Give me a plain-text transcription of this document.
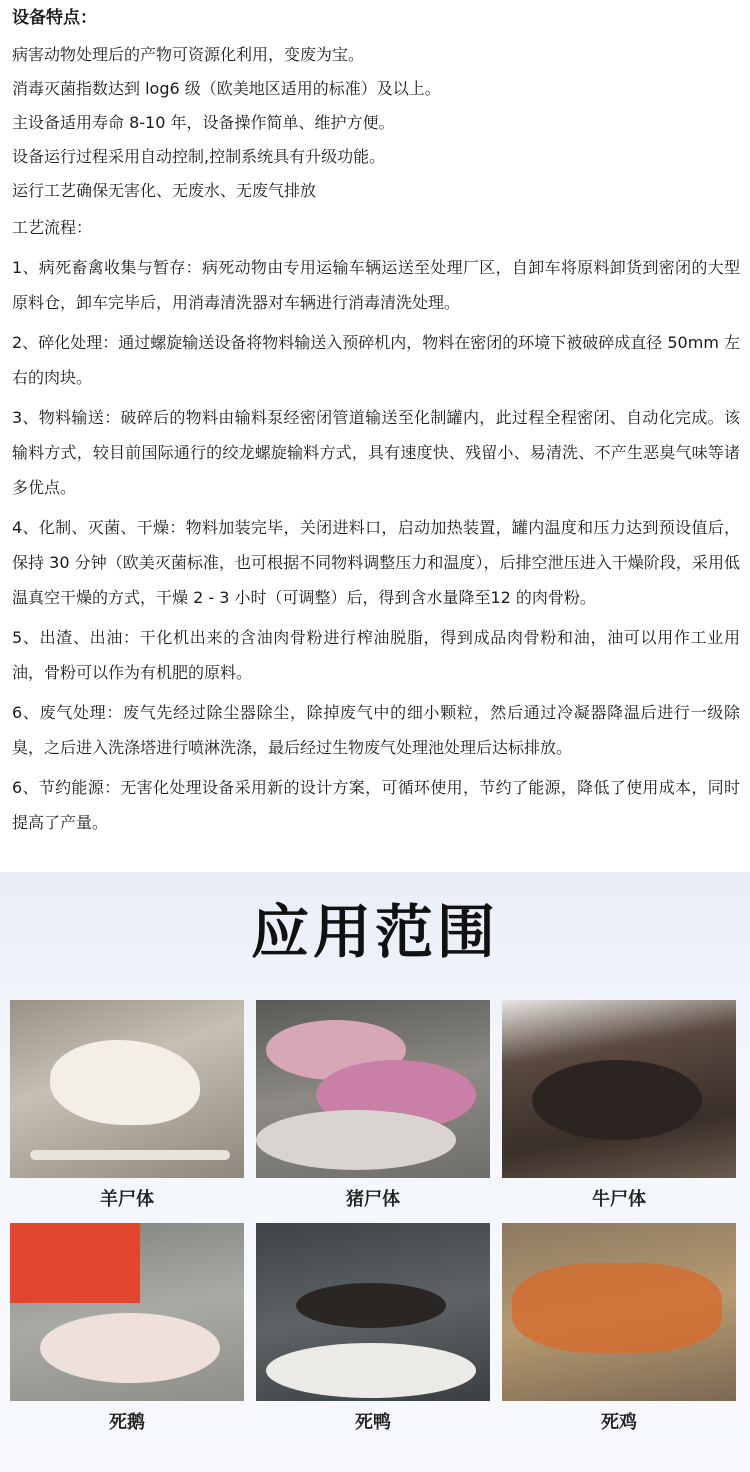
设备特点：

病害动物处理后的产物可资源化利用，变废为宝。

消毒灭菌指数达到 log6 级（欧美地区适用的标准）及以上。

主设备适用寿命 8-10 年，设备操作简单、维护方便。

设备运行过程采用自动控制,控制系统具有升级功能。

运行工艺确保无害化、无废水、无废气排放

工艺流程：

1、病死畜禽收集与暂存：病死动物由专用运输车辆运送至处理厂区，自卸车将原料卸货到密闭的大型原料仓，卸车完毕后，用消毒清洗器对车辆进行消毒清洗处理。

2、碎化处理：通过螺旋输送设备将物料输送入预碎机内，物料在密闭的环境下被破碎成直径 50mm 左右的肉块。

3、物料输送：破碎后的物料由输料泵经密闭管道输送至化制罐内，此过程全程密闭、自动化完成。该输料方式，较目前国际通行的绞龙螺旋输料方式，具有速度快、残留小、易清洗、不产生恶臭气味等诸多优点。

4、化制、灭菌、干燥：物料加装完毕，关闭进料口，启动加热装置，罐内温度和压力达到预设值后，保持 30 分钟（欧美灭菌标准，也可根据不同物料调整压力和温度），后排空泄压进入干燥阶段，采用低温真空干燥的方式，干燥 2 - 3 小时（可调整）后，得到含水量降至12 的肉骨粉。

5、出渣、出油：干化机出来的含油肉骨粉进行榨油脱脂，得到成品肉骨粉和油，油可以用作工业用油，骨粉可以作为有机肥的原料。

6、废气处理：废气先经过除尘器除尘，除掉废气中的细小颗粒，然后通过冷凝器降温后进行一级除臭，之后进入洗涤塔进行喷淋洗涤，最后经过生物废气处理池处理后达标排放。

6、节约能源：无害化处理设备采用新的设计方案，可循环使用，节约了能源，降低了使用成本，同时提高了产量。

应用范围
羊尸体	猪尸体	牛尸体
死鹅	死鸭	死鸡
